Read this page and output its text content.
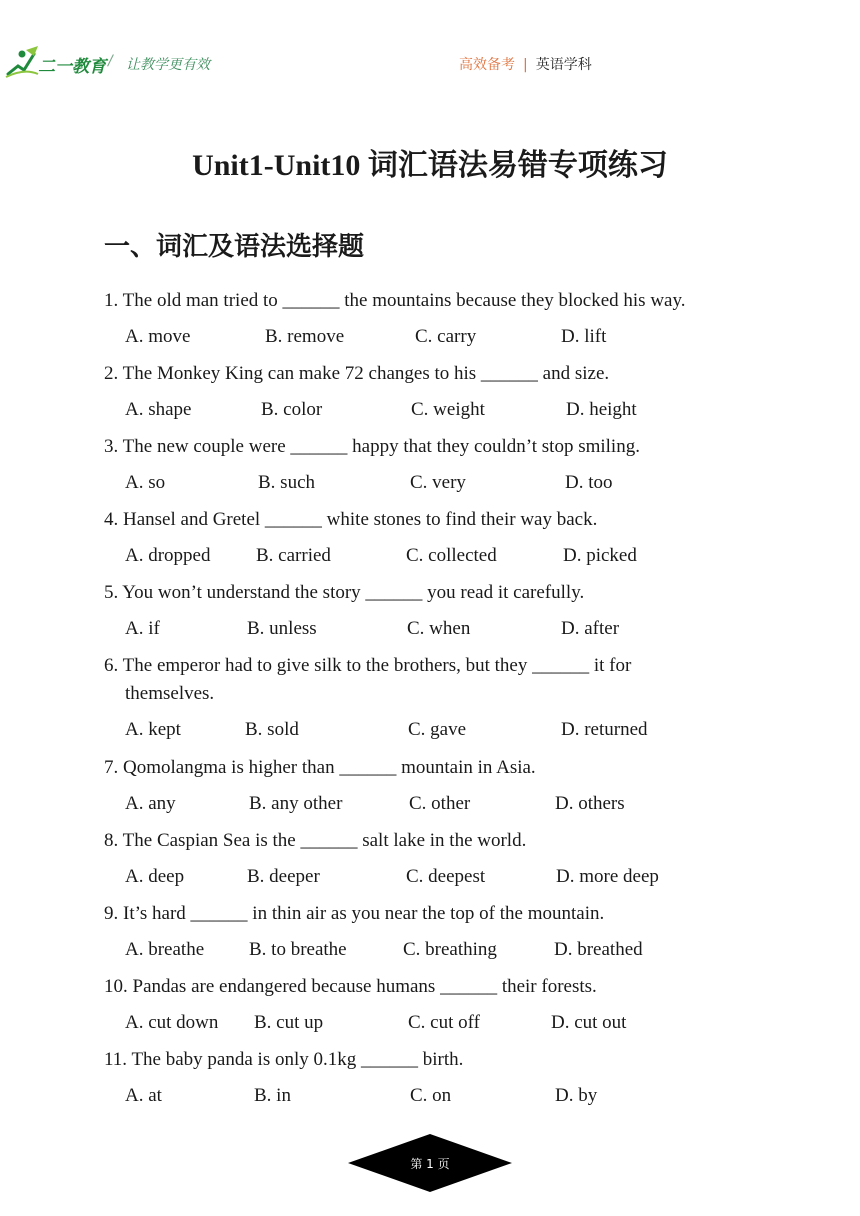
二一教育 / 让教学更有效	高效备考 | 英语学科
Unit1-Unit10 词汇语法易错专项练习
一、词汇及语法选择题
1. The old man tried to ______ the mountains because they blocked his way.
A. move	B. remove	C. carry	D. lift
2. The Monkey King can make 72 changes to his ______ and size.
A. shape	B. color	C. weight	D. height
3. The new couple were ______ happy that they couldn’t stop smiling.
A. so	B. such	C. very	D. too
4. Hansel and Gretel ______ white stones to find their way back.
A. dropped B. carried	C. collected	D. picked
5. You won’t understand the story ______ you read it carefully.
A. if	B. unless	C. when	D. after
6. The emperor had to give silk to the brothers, but they ______ it for
themselves.
A. kept	B. sold	C. gave	D. returned
7. Qomolangma is higher than ______ mountain in Asia.
A. any	B. any other	C. other	D. others
8. The Caspian Sea is the ______ salt lake in the world.
A. deep	B. deeper	C. deepest	D. more deep
9. It’s hard ______ in thin air as you near the top of the mountain.
A. breathe B. to breathe	C. breathing	D. breathed
10. Pandas are endangered because humans ______ their forests.
A. cut down B. cut up	C. cut off	D. cut out
11. The baby panda is only 0.1kg ______ birth.
A. at	B. in	C. on	D. by
第 1 页
